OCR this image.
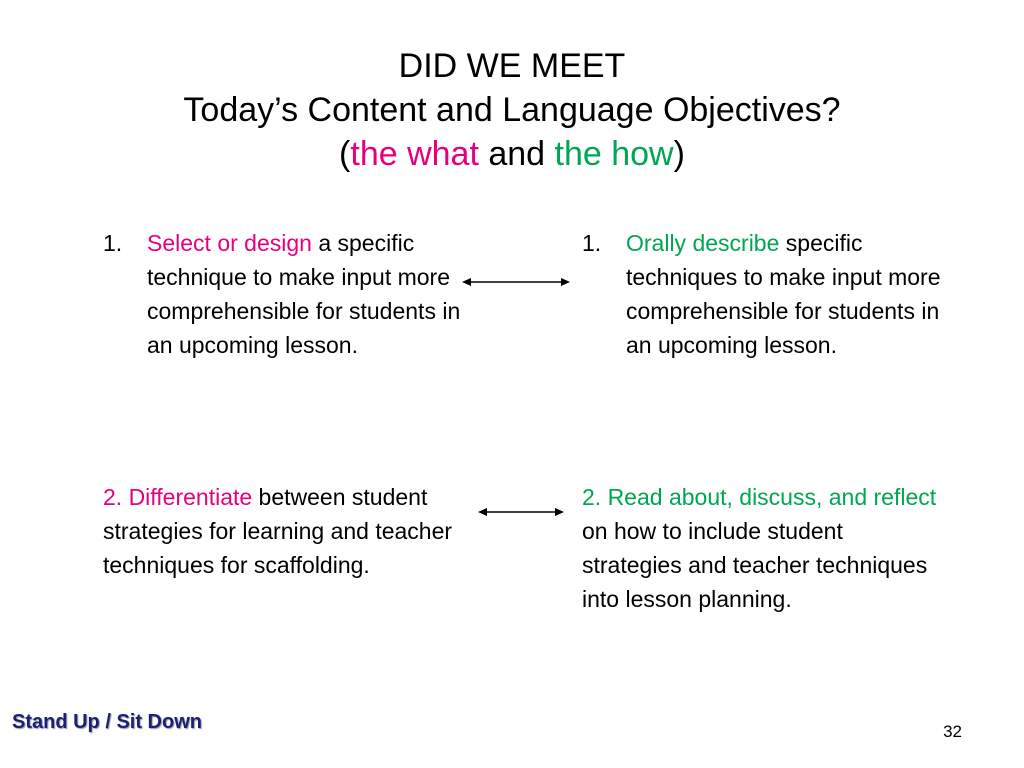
DID WE MEET
Today’s Content and Language Objectives?
(the what and the how)
1. Select or design a specific technique to make input more comprehensible for students in an upcoming lesson.
2. Differentiate between student strategies for learning and teacher techniques for scaffolding.
1. Orally describe specific techniques to make input more comprehensible for students in an upcoming lesson.
2. Read about, discuss, and reflect on how to include student strategies and teacher techniques into lesson planning.
Stand Up / Sit Down	32
